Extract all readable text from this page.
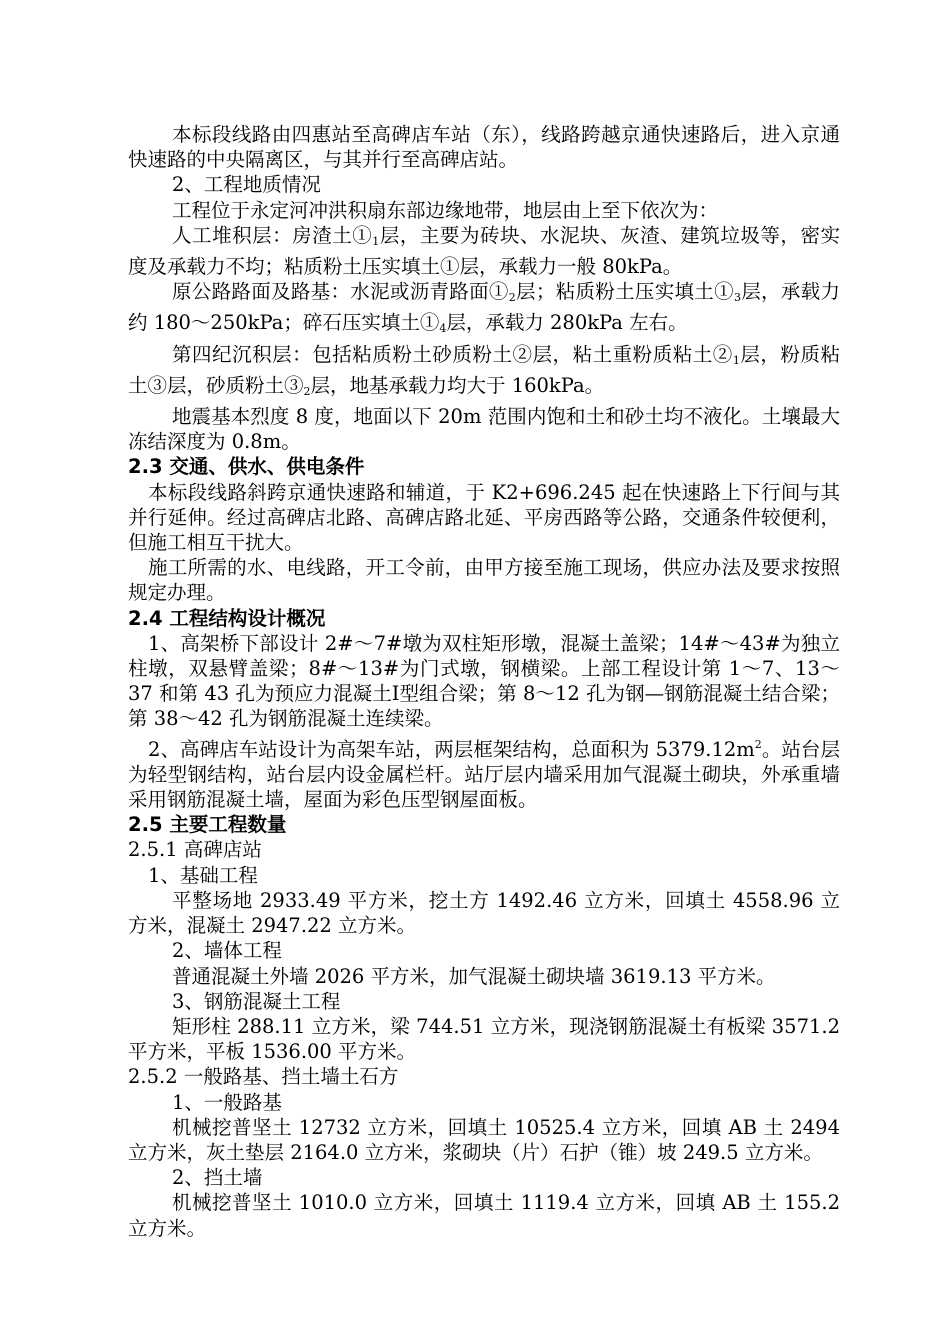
本标段线路由四惠站至高碑店车站（东），线路跨越京通快速路后，进入京通快速路的中央隔离区，与其并行至高碑店站。

2、工程地质情况

工程位于永定河冲洪积扇东部边缘地带，地层由上至下依次为：

人工堆积层：房渣土$①_1$层，主要为砖块、水泥块、灰渣、建筑垃圾等，密实度及承载力不均；粘质粉土压实填土①层，承载力一般 80kPa。

原公路路面及路基：水泥或沥青路面$①_2$层；粘质粉土压实填土$①_3$层，承载力约 180～250kPa；碎石压实填土$①_4$层，承载力 280kPa 左右。

第四纪沉积层：包括粘质粉土砂质粉土②层，粘土重粉质粘土$②_1$层，粉质粘土③层，砂质粉土$③_2$层，地基承载力均大于 160kPa。

地震基本烈度 8 度，地面以下 20m 范围内饱和土和砂土均不液化。土壤最大冻结深度为 0.8m。

2.3 交通、供水、供电条件

本标段线路斜跨京通快速路和辅道，于 K2+696.245 起在快速路上下行间与其并行延伸。经过高碑店北路、高碑店路北延、平房西路等公路，交通条件较便利，但施工相互干扰大。

施工所需的水、电线路，开工令前，由甲方接至施工现场，供应办法及要求按照规定办理。

2.4 工程结构设计概况

1、高架桥下部设计 2#～7#墩为双柱矩形墩，混凝土盖梁；14#～43#为独立柱墩，双悬臂盖梁；8#～13#为门式墩，钢横梁。上部工程设计第 1～7、13～37 和第 43 孔为预应力混凝土Ⅰ型组合梁；第 8～12 孔为钢—钢筋混凝土结合梁；第 38～42 孔为钢筋混凝土连续梁。

2、高碑店车站设计为高架车站，两层框架结构，总面积为 $5379.12m^2$。站台层为轻型钢结构，站台层内设金属栏杆。站厅层内墙采用加气混凝土砌块，外承重墙采用钢筋混凝土墙，屋面为彩色压型钢屋面板。

2.5 主要工程数量

2.5.1 高碑店站

1、基础工程

平整场地 2933.49 平方米，挖土方 1492.46 立方米，回填土 4558.96 立方米，混凝土 2947.22 立方米。

2、墙体工程

普通混凝土外墙 2026 平方米，加气混凝土砌块墙 3619.13 平方米。

3、钢筋混凝土工程

矩形柱 288.11 立方米，梁 744.51 立方米，现浇钢筋混凝土有板梁 3571.2 平方米，平板 1536.00 平方米。

2.5.2 一般路基、挡土墙土石方

1、一般路基

机械挖普坚土 12732 立方米，回填土 10525.4 立方米，回填 AB 土 2494 立方米，灰土垫层 2164.0 立方米，浆砌块（片）石护（锥）坡 249.5 立方米。

2、挡土墙

机械挖普坚土 1010.0 立方米，回填土 1119.4 立方米，回填 AB 土 155.2 立方米。
